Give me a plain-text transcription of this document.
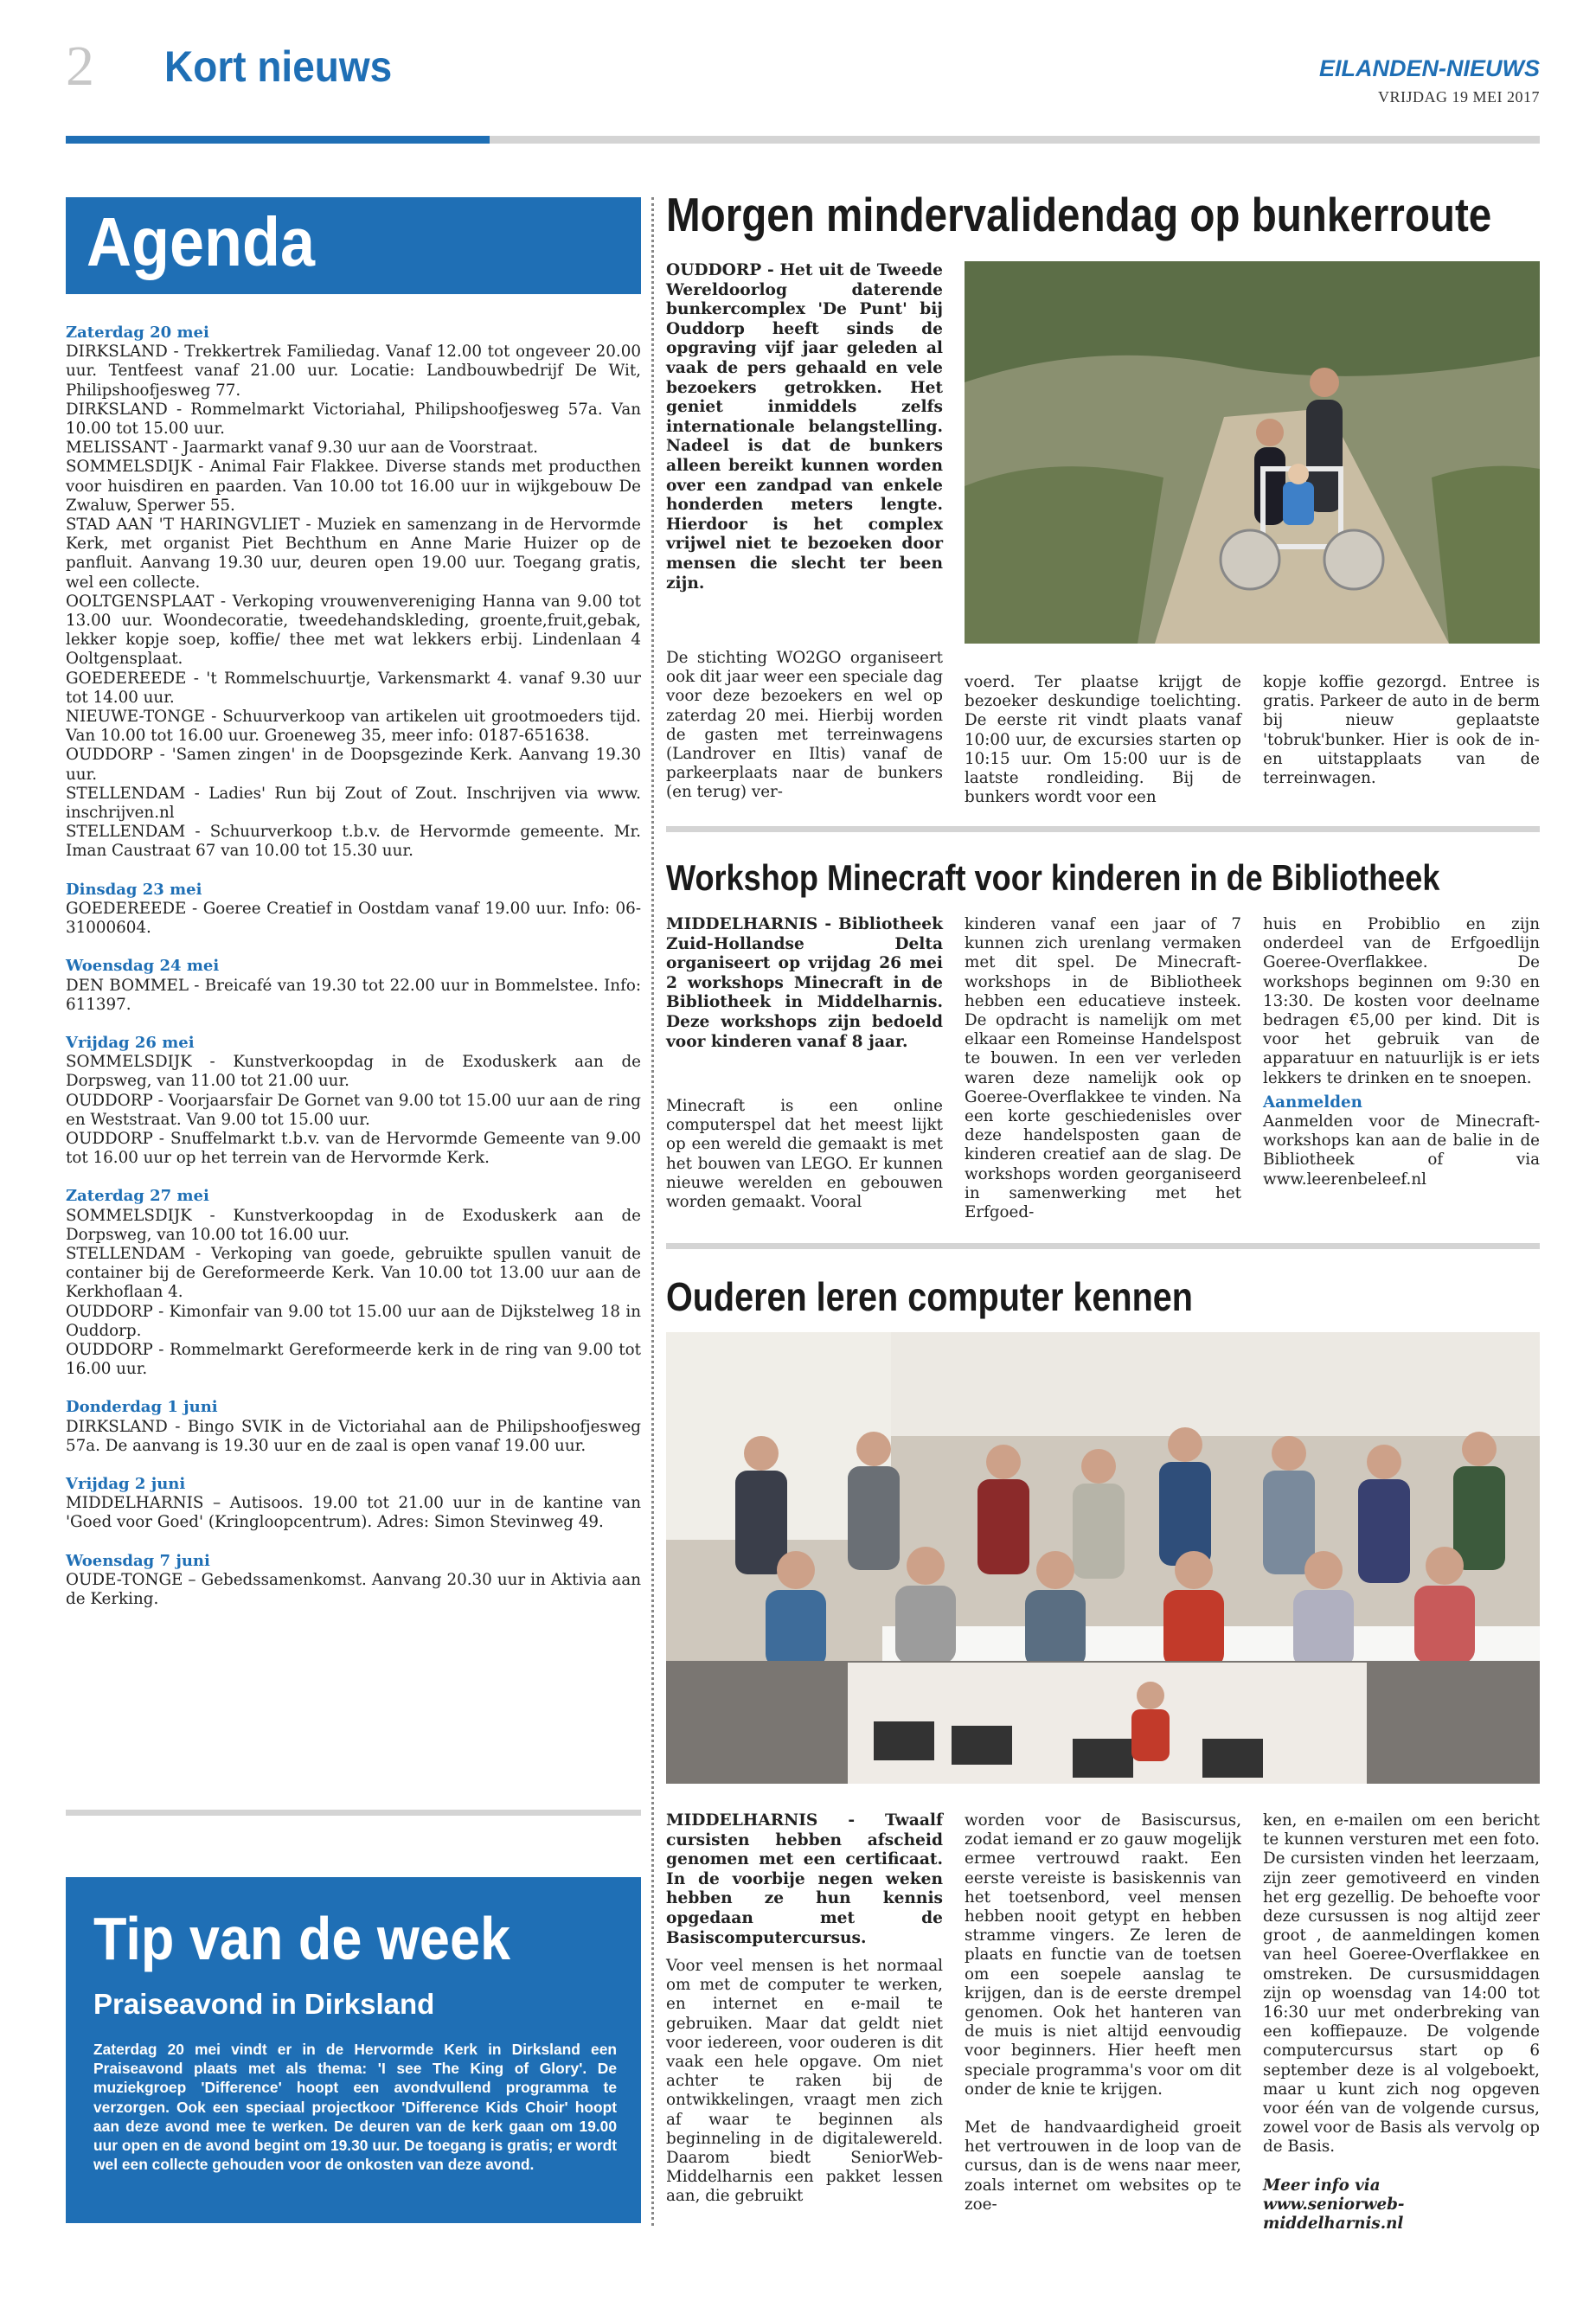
2 Kort nieuws	EILANDEN-NIEUWS
VRIJDAG 19 MEI 2017
Agenda
Zaterdag 20 mei
DIRKSLAND - Trekkertrek Familiedag. Vanaf 12.00 tot ongeveer 20.00 uur. Tentfeest vanaf 21.00 uur. Locatie: Landbouwbedrijf De Wit, Philipshoofjesweg 77.
DIRKSLAND - Rommelmarkt Victoriahal, Philipshoofjesweg 57a. Van 10.00 tot 15.00 uur.
MELISSANT - Jaarmarkt vanaf 9.30 uur aan de Voorstraat.
SOMMELSDIJK - Animal Fair Flakkee. Diverse stands met producthen voor huisdiren en paarden. Van 10.00 tot 16.00 uur in wijkgebouw De Zwaluw, Sperwer 55.
STAD AAN 'T HARINGVLIET - Muziek en samenzang in de Hervormde Kerk, met organist Piet Bechthum en Anne Marie Huizer op de panfluit. Aanvang 19.30 uur, deuren open 19.00 uur. Toegang gratis, wel een collecte.
OOLTGENSPLAAT - Verkoping vrouwenvereniging Hanna van 9.00 tot 13.00 uur. Woondecoratie, tweedehandskleding, groente,fruit,gebak, lekker kopje soep, koffie/ thee met wat lekkers erbij. Lindenlaan 4 Ooltgensplaat.
GOEDEREEDE - 't Rommelschuurtje, Varkensmarkt 4. vanaf 9.30 uur tot 14.00 uur.
NIEUWE-TONGE - Schuurverkoop van artikelen uit grootmoeders tijd. Van 10.00 tot 16.00 uur. Groeneweg 35, meer info: 0187-651638.
OUDDORP - 'Samen zingen' in de Doopsgezinde Kerk. Aanvang 19.30 uur.
STELLENDAM - Ladies' Run bij Zout of Zout. Inschrijven via www. inschrijven.nl
STELLENDAM - Schuurverkoop t.b.v. de Hervormde gemeente. Mr. Iman Caustraat 67 van 10.00 tot 15.30 uur.
Dinsdag 23 mei
GOEDEREEDE - Goeree Creatief in Oostdam vanaf 19.00 uur. Info: 06-31000604.
Woensdag 24 mei
DEN BOMMEL - Breicafé van 19.30 tot 22.00 uur in Bommelstee. Info: 611397.
Vrijdag 26 mei
SOMMELSDIJK - Kunstverkoopdag in de Exoduskerk aan de Dorpsweg, van 11.00 tot 21.00 uur.
OUDDORP - Voorjaarsfair De Gornet van 9.00 tot 15.00 uur aan de ring en Weststraat. Van 9.00 tot 15.00 uur.
OUDDORP - Snuffelmarkt t.b.v. van de Hervormde Gemeente van 9.00 tot 16.00 uur op het terrein van de Hervormde Kerk.
Zaterdag 27 mei
SOMMELSDIJK - Kunstverkoopdag in de Exoduskerk aan de Dorpsweg, van 10.00 tot 16.00 uur.
STELLENDAM - Verkoping van goede, gebruikte spullen vanuit de container bij de Gereformeerde Kerk. Van 10.00 tot 13.00 uur aan de Kerkhoflaan 4.
OUDDORP - Kimonfair van 9.00 tot 15.00 uur aan de Dijkstelweg 18 in Ouddorp.
OUDDORP - Rommelmarkt Gereformeerde kerk in de ring van 9.00 tot 16.00 uur.
Donderdag 1 juni
DIRKSLAND - Bingo SVIK in de Victoriahal aan de Philipshoofjesweg 57a. De aanvang is 19.30 uur en de zaal is open vanaf 19.00 uur.
Vrijdag 2 juni
MIDDELHARNIS – Autisoos. 19.00 tot 21.00 uur in de kantine van 'Goed voor Goed' (Kringloopcentrum). Adres: Simon Stevinweg 49.
Woensdag 7 juni
OUDE-TONGE – Gebedssamenkomst. Aanvang 20.30 uur in Aktivia aan de Kerking.
Tip van de week
Praiseavond in Dirksland
Zaterdag 20 mei vindt er in de Hervormde Kerk in Dirksland een Praiseavond plaats met als thema: 'I see The King of Glory'. De muziekgroep 'Difference' hoopt een avondvullend programma te verzorgen. Ook een speciaal projectkoor 'Difference Kids Choir' hoopt aan deze avond mee te werken. De deuren van de kerk gaan om 19.00 uur open en de avond begint om 19.30 uur. De toegang is gratis; er wordt wel een collecte gehouden voor de onkosten van deze avond.
Morgen mindervalidendag op bunkerroute
OUDDORP - Het uit de Tweede Wereldoorlog daterende bunkercomplex 'De Punt' bij Ouddorp heeft sinds de opgraving vijf jaar geleden al vaak de pers gehaald en vele bezoekers getrokken. Het geniet inmiddels zelfs internationale belangstelling. Nadeel is dat de bunkers alleen bereikt kunnen worden over een zandpad van enkele honderden meters lengte. Hierdoor is het complex vrijwel niet te bezoeken door mensen die slecht ter been zijn.
De stichting WO2GO organiseert ook dit jaar weer een speciale dag voor deze bezoekers en wel op zaterdag 20 mei. Hierbij worden de gasten met terreinwagens (Landrover en Iltis) vanaf de parkeerplaats naar de bunkers (en terug) ver-
voerd. Ter plaatse krijgt de bezoeker deskundige toelichting. De eerste rit vindt plaats vanaf 10:00 uur, de excursies starten op 10:15 uur. Om 15:00 uur is de laatste rondleiding. Bij de bunkers wordt voor een
kopje koffie gezorgd. Entree is gratis. Parkeer de auto in de berm bij nieuw geplaatste 'tobruk'bunker. Hier is ook de in- en uitstapplaats van de terreinwagen.
Workshop Minecraft voor kinderen in de Bibliotheek
MIDDELHARNIS - Bibliotheek Zuid-Hollandse Delta organiseert op vrijdag 26 mei 2 workshops Minecraft in de Bibliotheek in Middelharnis. Deze workshops zijn bedoeld voor kinderen vanaf 8 jaar.
Minecraft is een online computerspel dat het meest lijkt op een wereld die gemaakt is met het bouwen van LEGO. Er kunnen nieuwe werelden en gebouwen worden gemaakt. Vooral
kinderen vanaf een jaar of 7 kunnen zich urenlang vermaken met dit spel. De Minecraft-workshops in de Bibliotheek hebben een educatieve insteek. De opdracht is namelijk om met elkaar een Romeinse Handelspost te bouwen. In een ver verleden waren deze namelijk ook op Goeree-Overflakkee te vinden. Na een korte geschiedenisles over deze handelsposten gaan de kinderen creatief aan de slag. De workshops worden georganiseerd in samenwerking met het Erfgoed-
huis en Probiblio en zijn onderdeel van de Erfgoedlijn Goeree-Overflakkee. De workshops beginnen om 9:30 en 13:30. De kosten voor deelname bedragen €5,00 per kind. Dit is voor het gebruik van de apparatuur en natuurlijk is er iets lekkers te drinken en te snoepen.
Aanmelden
Aanmelden voor de Minecraft-workshops kan aan de balie in de Bibliotheek of via www.leerenbeleef.nl
Ouderen leren computer kennen
MIDDELHARNIS - Twaalf cursisten hebben afscheid genomen met een certificaat. In de voorbije negen weken hebben ze hun kennis opgedaan met de Basiscomputercursus.
Voor veel mensen is het normaal om met de computer te werken, en internet en e-mail te gebruiken. Maar dat geldt niet voor iedereen, voor ouderen is dit vaak een hele opgave. Om niet achter te raken bij de ontwikkelingen, vraagt men zich af waar te beginnen als beginneling in de digitalewereld. Daarom biedt SeniorWeb-Middelharnis een pakket lessen aan, die gebruikt
worden voor de Basiscursus, zodat iemand er zo gauw mogelijk ermee vertrouwd raakt. Een eerste vereiste is basiskennis van het toetsenbord, veel mensen hebben nooit getypt en hebben stramme vingers. Ze leren de plaats en functie van de toetsen om een soepele aanslag te krijgen, dan is de eerste drempel genomen. Ook het hanteren van de muis is niet altijd eenvoudig voor beginners. Hier heeft men speciale programma's voor om dit onder de knie te krijgen.
Met de handvaardigheid groeit het vertrouwen in de loop van de cursus, dan is de wens naar meer, zoals internet om websites op te zoe-
ken, en e-mailen om een bericht te kunnen versturen met een foto. De cursisten vinden het leerzaam, zijn zeer gemotiveerd en vinden het erg gezellig. De behoefte voor deze cursussen is nog altijd zeer groot , de aanmeldingen komen van heel Goeree-Overflakkee en omstreken. De cursusmiddagen zijn op woensdag van 14:00 tot 16:30 uur met onderbreking van een koffiepauze. De volgende computercursus start op 6 september deze is al volgeboekt, maar u kunt zich nog opgeven voor één van de volgende cursus, zowel voor de Basis als vervolg op de Basis.
Meer info via
www.seniorweb-middelharnis.nl
